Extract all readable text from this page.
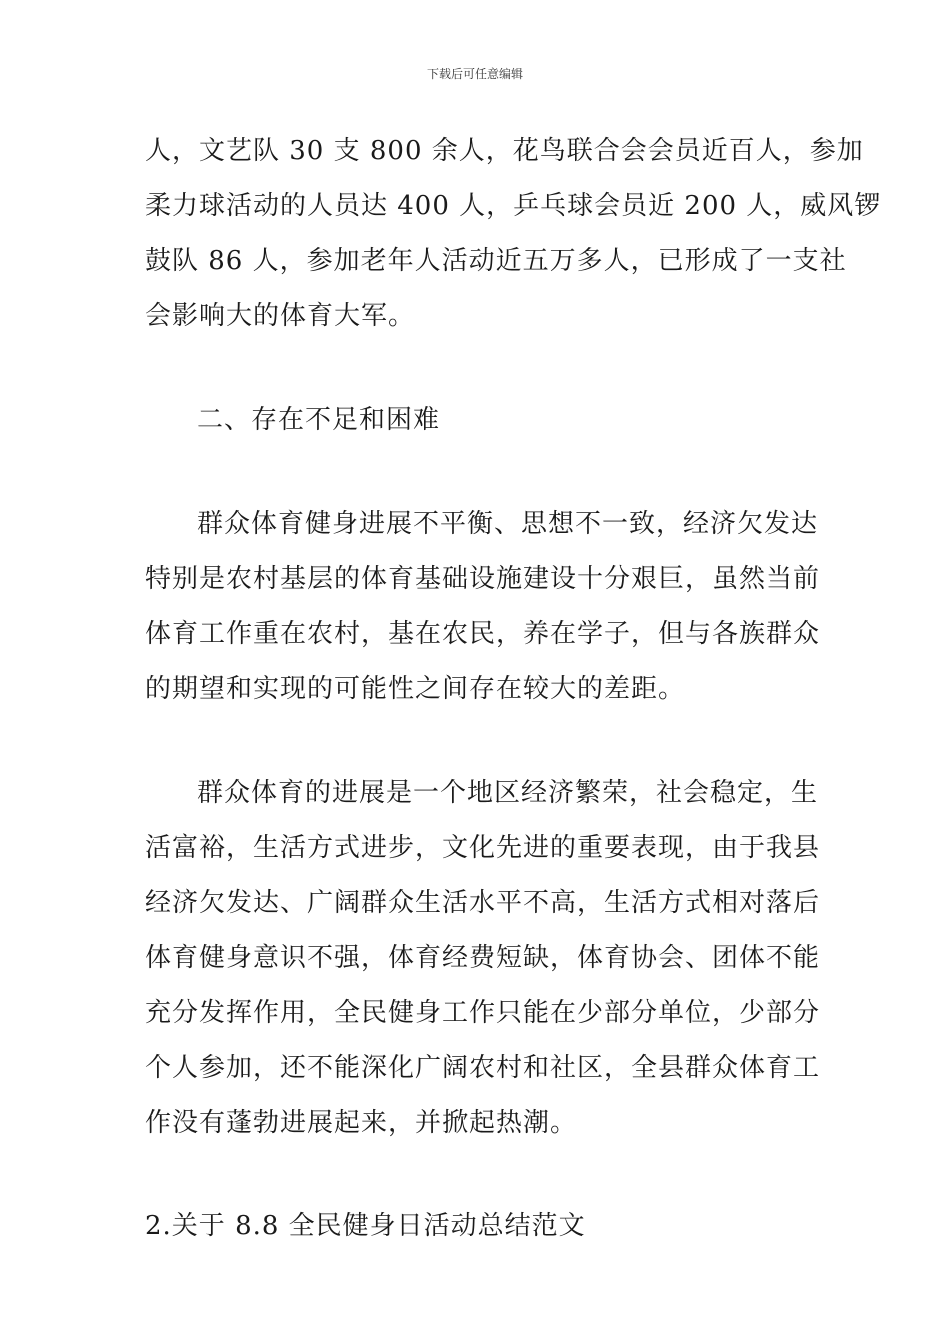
下载后可任意编辑
人，文艺队 30 支 800 余人，花鸟联合会会员近百人，参加
柔力球活动的人员达 400 人，乒乓球会员近 200 人，威风锣
鼓队 86 人，参加老年人活动近五万多人，已形成了一支社
会影响大的体育大军。
二、存在不足和困难
群众体育健身进展不平衡、思想不一致，经济欠发达
特别是农村基层的体育基础设施建设十分艰巨，虽然当前
体育工作重在农村，基在农民，养在学子，但与各族群众
的期望和实现的可能性之间存在较大的差距。
群众体育的进展是一个地区经济繁荣，社会稳定，生
活富裕，生活方式进步，文化先进的重要表现，由于我县
经济欠发达、广阔群众生活水平不高，生活方式相对落后
体育健身意识不强，体育经费短缺，体育协会、团体不能
充分发挥作用，全民健身工作只能在少部分单位，少部分
个人参加，还不能深化广阔农村和社区，全县群众体育工
作没有蓬勃进展起来，并掀起热潮。
2.关于 8.8 全民健身日活动总结范文
